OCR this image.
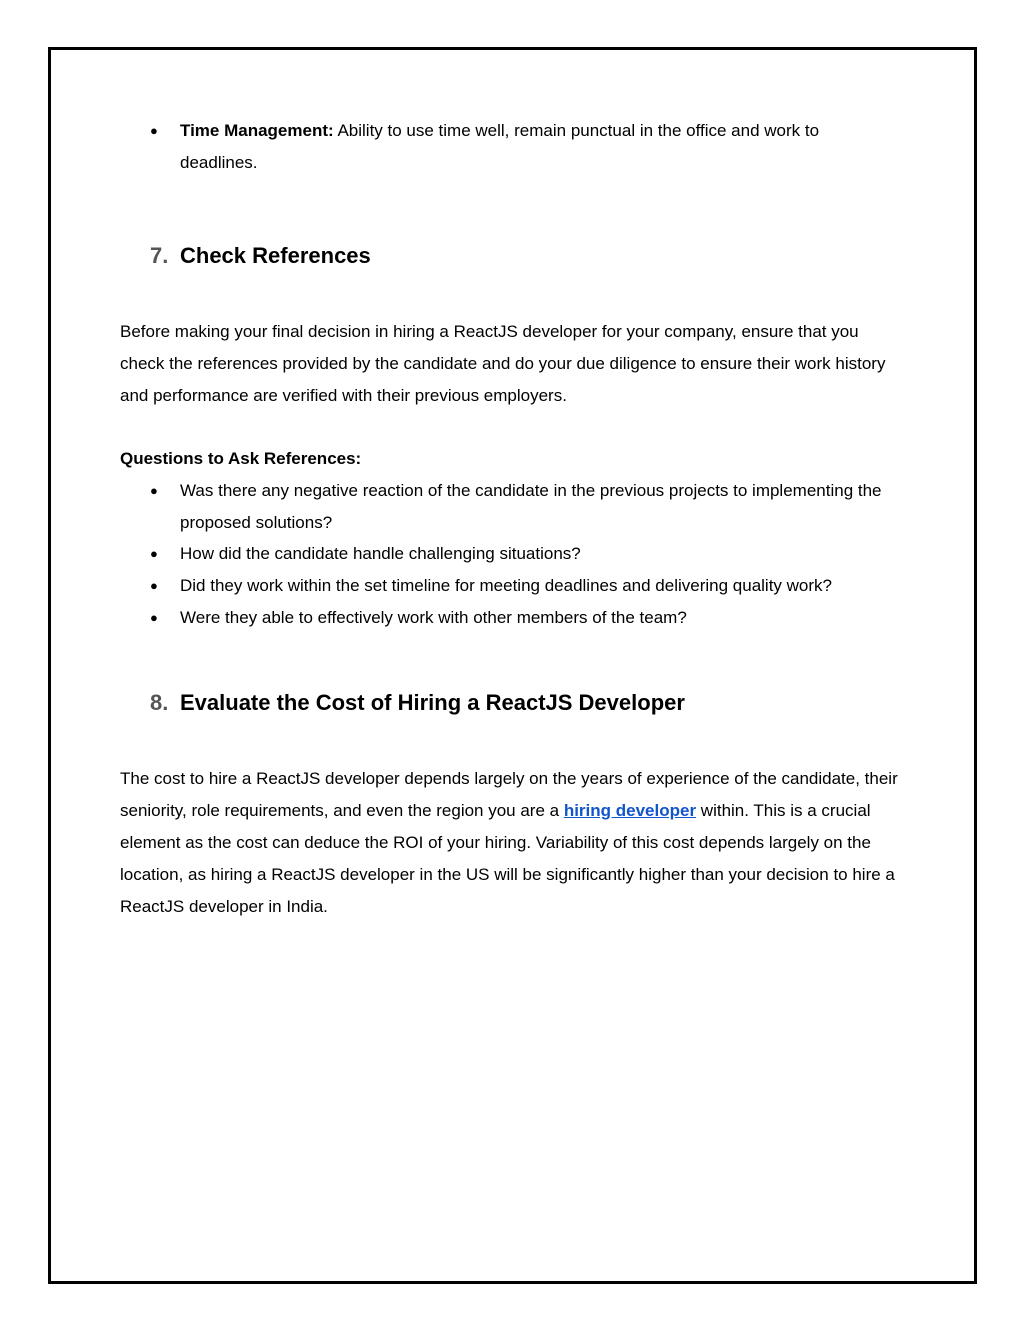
● Time Management: Ability to use time well, remain punctual in the office and work to deadlines.
7. Check References
Before making your final decision in hiring a ReactJS developer for your company, ensure that you check the references provided by the candidate and do your due diligence to ensure their work history and performance are verified with their previous employers.
Questions to Ask References:
● Was there any negative reaction of the candidate in the previous projects to implementing the proposed solutions?
● How did the candidate handle challenging situations?
● Did they work within the set timeline for meeting deadlines and delivering quality work?
● Were they able to effectively work with other members of the team?
8. Evaluate the Cost of Hiring a ReactJS Developer
The cost to hire a ReactJS developer depends largely on the years of experience of the candidate, their seniority, role requirements, and even the region you are a hiring developer within. This is a crucial element as the cost can deduce the ROI of your hiring. Variability of this cost depends largely on the location, as hiring a ReactJS developer in the US will be significantly higher than your decision to hire a ReactJS developer in India.
